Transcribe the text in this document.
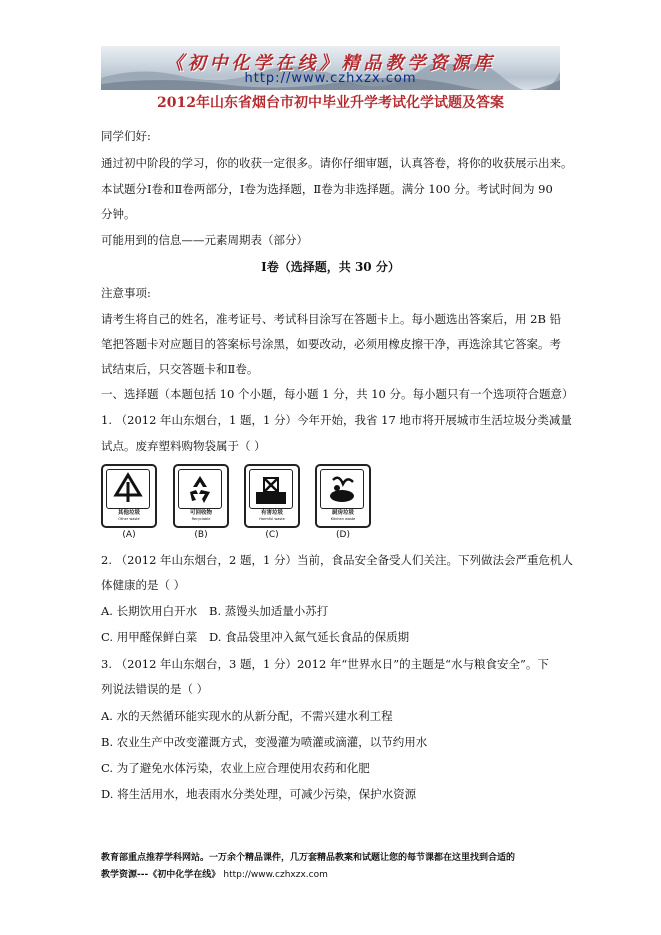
《初中化学在线》精品教学资源库
http://www.czhxzx.com
2012年山东省烟台市初中毕业升学考试化学试题及答案
同学们好:
通过初中阶段的学习，你的收获一定很多。请你仔细审题，认真答卷，将你的收获展示出来。
本试题分Ⅰ卷和Ⅱ卷两部分，Ⅰ卷为选择题，Ⅱ卷为非选择题。满分 100 分。考试时间为 90
分钟。
可能用到的信息——元素周期表（部分）
Ⅰ卷（选择题，共 30 分）
注意事项:
请考生将自己的姓名，准考证号、考试科目涂写在答题卡上。每小题选出答案后，用 2B 铅
笔把答题卡对应题目的答案标号涂黑，如要改动，必须用橡皮擦干净，再选涂其它答案。考
试结束后，只交答题卡和Ⅱ卷。
一、选择题（本题包括 10 个小题，每小题 1 分，共 10 分。每小题只有一个选项符合题意）
1. （2012 年山东烟台，1 题，1 分）今年开始，我省 17 地市将开展城市生活垃圾分类减量
试点。废弃塑料购物袋属于（ ）
其他垃圾
Other waste
(A)
可回收物
Recyclable
(B)
有害垃圾
Harmful waste
(C)
厨房垃圾
Kitchen waste
(D)
2. （2012 年山东烟台，2 题，1 分）当前，食品安全备受人们关注。下列做法会严重危机人
体健康的是（ ）
A. 长期饮用白开水 B. 蒸馒头加适量小苏打
C. 用甲醛保鲜白菜 D. 食品袋里冲入氮气延长食品的保质期
3. （2012 年山东烟台，3 题，1 分）2012 年“世界水日”的主题是“水与粮食安全”。下
列说法错误的是（ ）
A. 水的天然循环能实现水的从新分配，不需兴建水利工程
B. 农业生产中改变灌溉方式，变漫灌为喷灌或滴灌，以节约用水
C. 为了避免水体污染，农业上应合理使用农药和化肥
D. 将生活用水，地表雨水分类处理，可减少污染，保护水资源
教育部重点推荐学科网站。一万余个精品课件，几万套精品教案和试题让您的每节课都在这里找到合适的
教学资源---《初中化学在线》 http://www.czhxzx.com
